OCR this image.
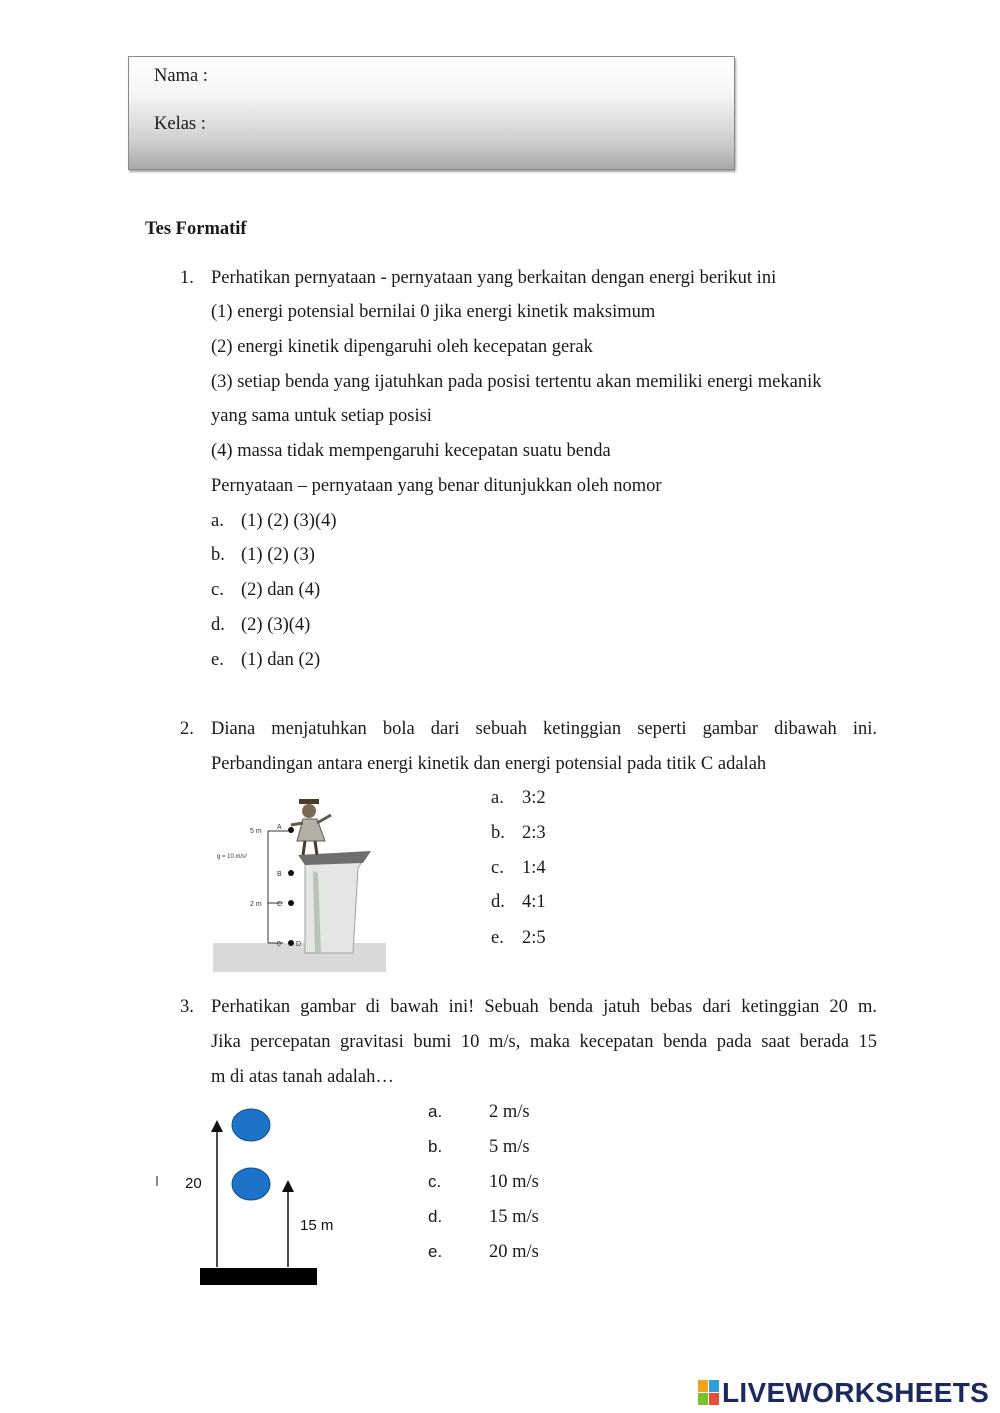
Nama :
Kelas :
Tes Formatif
1. Perhatikan pernyataan - pernyataan yang berkaitan dengan energi berikut ini
(1) energi potensial bernilai 0 jika energi kinetik maksimum
(2) energi kinetik dipengaruhi oleh kecepatan gerak
(3) setiap benda yang ijatuhkan pada posisi tertentu akan memiliki energi mekanik
yang sama untuk setiap posisi
(4) massa tidak mempengaruhi kecepatan suatu benda
Pernyataan – pernyataan yang benar ditunjukkan oleh nomor
a. (1) (2) (3)(4)
b. (1) (2) (3)
c. (2) dan (4)
d. (2) (3)(4)
e. (1) dan (2)
2. Diana menjatuhkan bola dari sebuah ketinggian seperti gambar dibawah ini.
Perbandingan antara energi kinetik dan energi potensial pada titik C adalah
5 m
A
g = 10 m/s²
B
2 m C
0 D
a. 3:2
b. 2:3
c. 1:4
d. 4:1
e. 2:5
3. Perhatikan gambar di bawah ini! Sebuah benda jatuh bebas dari ketinggian 20 m.
Jika percepatan gravitasi bumi 10 m/s, maka kecepatan benda pada saat berada 15
m di atas tanah adalah…
20
15 m
a.	2 m/s
b.	5 m/s
c.	10 m/s
d.	15 m/s
e.	20 m/s
LIVEWORKSHEETS
